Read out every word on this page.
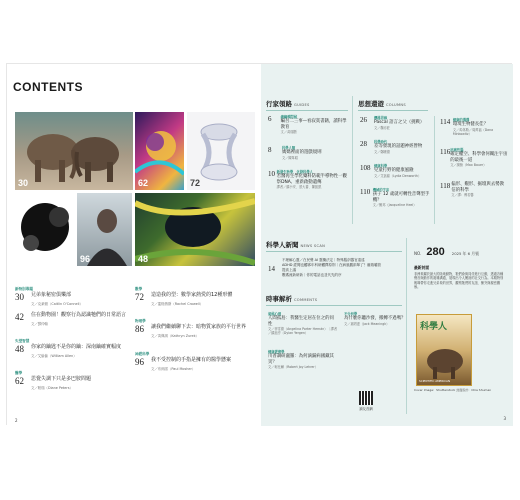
CONTENTS
30	62	72
86	96	48
新特別專題
30	兄弟象秘密俱樂部
文／克萊頓（Caitlin O'Connell）
42	住在動物園！觀察行為認識牠們的日常語言
文／鄧仲翰
失望智慧
48	你家的鑰匙不是你的鑰：深南鑰確實幅度
文／艾倫倫（William Allen）
醫學
62	思覺失調下只是多巴胺問題
文／帕瑞（Diane Peters）
數學
72	造造我的型：數學家熱愛的12種形體
文／蓋格納斯（Rachel Crowell）
物理學
86	讓我們繼續聊下去：暗物質家族的平行世界
文／黃佩琪（Kathryn Zurek）
神經科學
96	我不受控制的手指是擁有的醫學懸案
文／布朗諾（Paul Mosher）
2
行家領路 GUIDES
6	總編輯問候
編吾二三事—看寂寞書籍，讀科學教育
文／黃瑞顥
8	科學人類
媽媽裡面的遊戲規則
文／陳韋昭
10 新發生物學．化發科學人
若醫再生學化藥科防範半導物性一觀察DNA、重新啟動遺傳
譯者／蘇小安、蔡大書、陳振凱
思想還遊 COLUMNS
26	機器思維
Pascal 語言之父（挑戰）
文／魏亦莊
28	科學時代
差等發現的話題神經營物
文／鄭曉德
108	健康科學
兒童打野的健康風險
文／艾蓓絲（Lydia Denworth）
110 機械的宇宙
孩子 12 歲就可轉性音聲型手機？
文／劉邦（Jacqueline Heel）
114 健康的選擇
環境生物健長佳？
文／馬休斯／周萬福（Dana Minkowitz）
116 抗痛性腦
確定權空、科學會何關注宇宙的最後一道
文／謝蕪（Max Bauer）
118 偏形、艱形、掘壇與去勢教信的科學
文／譯：傅若馨
科學人新聞 NEWS SCAN
14
不理解心靈／在民聲 AI 靈藥法定｜特殊腦剖器官遠遠
ADHD 經聞也觸寡年科研觸擇原則｜在病風觀兩單了？藤瑞壩管提高上議
數碼流新研新｜你的電話也並代先的序
時事解析 COMMENTS
氣候心理
人間孤島：我醫生定居在位之的同性
文／菲雪德（Angelina Porter Hernán）｜譯者／蘇鈺淳（Dylan Yergen）
健康經濟學
川普調研盧羅：為何滴漏病國藏其災？
文／柯比爾（Robert Joy Lehrer）
不分析學
為什麼你聽沙發，搬轉不過嗎？
文／莫唱達（Jack Meaningk）
讀友首網
NO. 280 2025 年 6 月號
最新封面
非洲象屬於最大的陸地動物，牠們會與同伴進行互動，透過各種聲音與動作的複雜溝通，展現出令人驚訝的社交行為。本期特別報導帶你走進兄弟象的世界，觀察牠們的友誼、衝突與親密關係。
科學人
SCIENTIFIC AMERICAN
Cover Image：Shutterstock 封面設計：Chia Shuman
3
